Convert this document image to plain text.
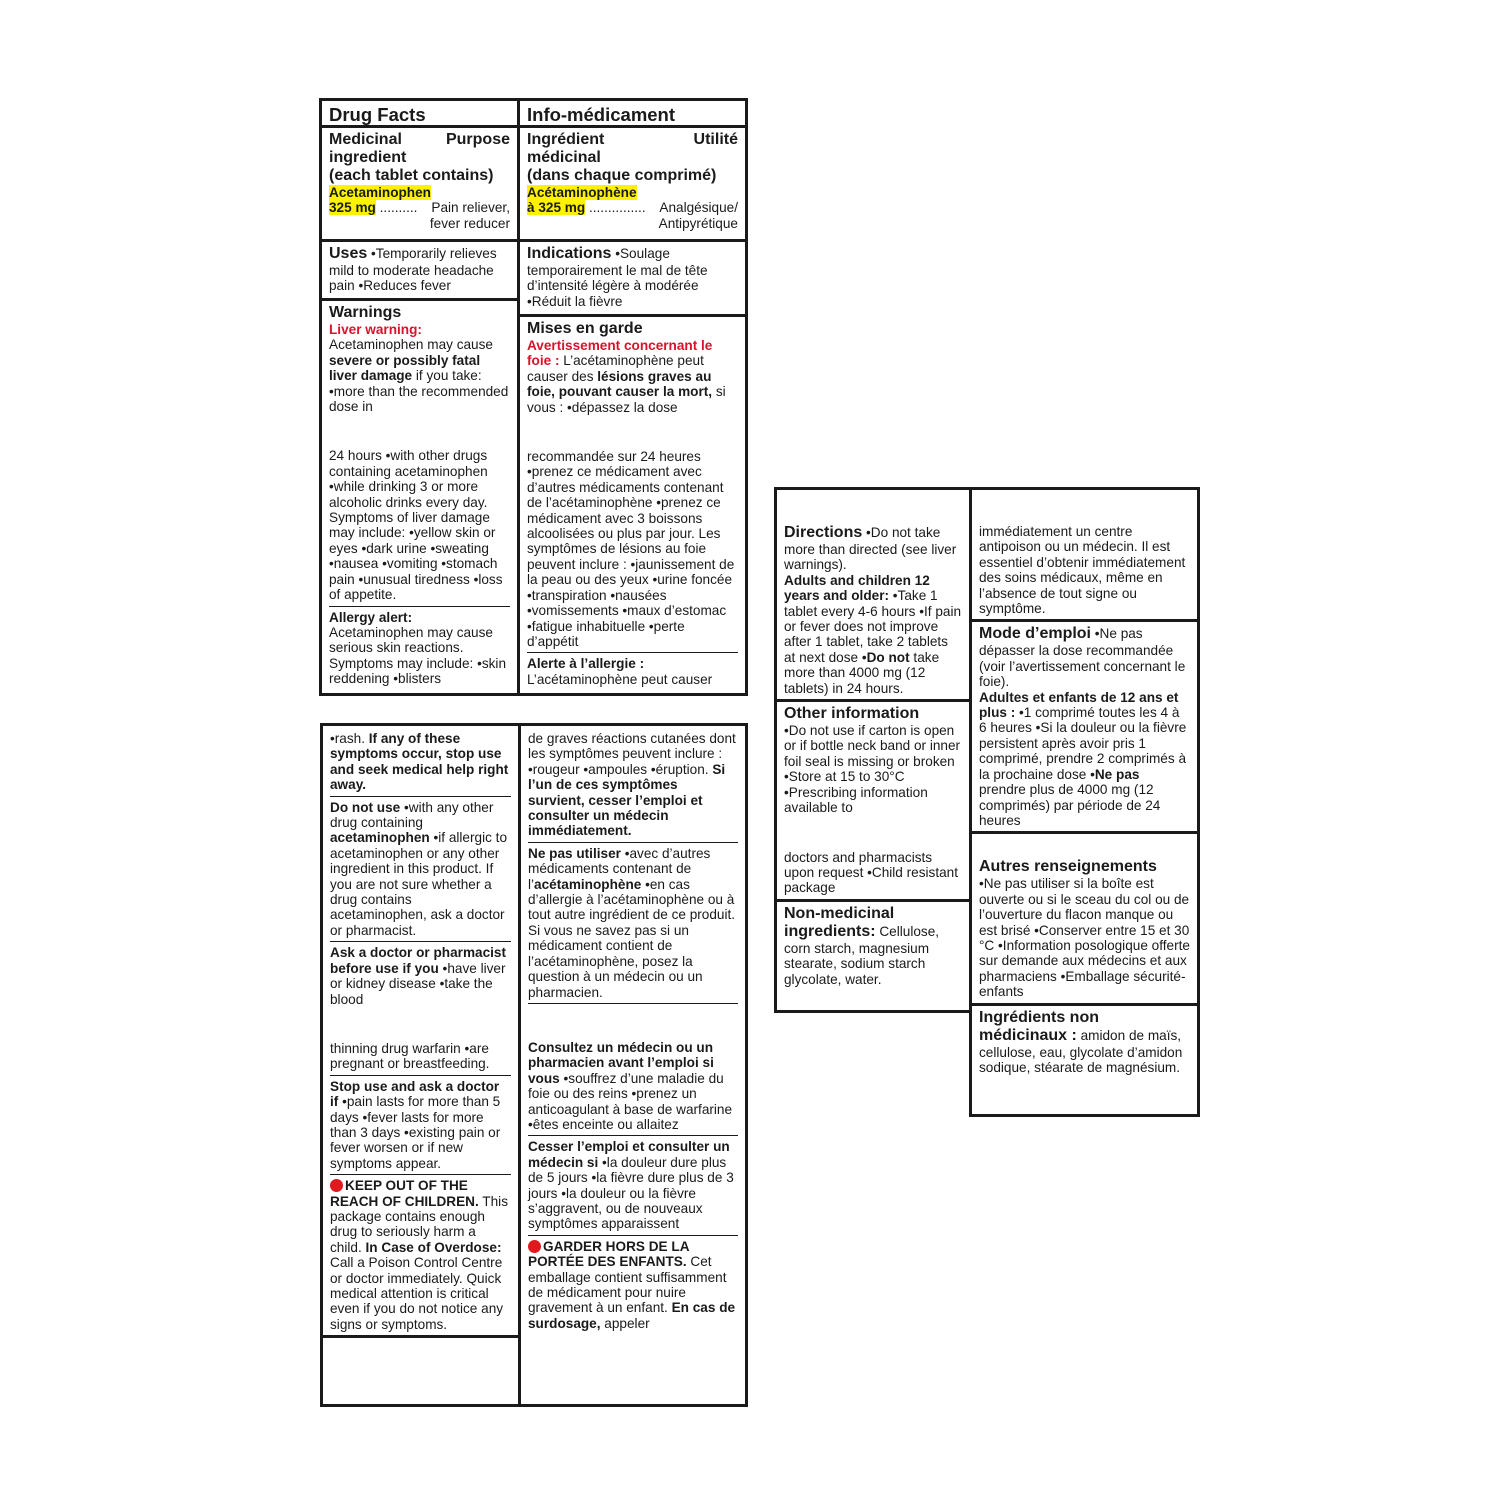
Drug Facts
Medicinal	Purpose
ingredient
(each tablet contains)
Acetaminophen
325 mg .......... Pain reliever,
fever reducer
Uses •Temporarily relieves mild to moderate headache pain •Reduces fever
Warnings
Liver warning:

Acetaminophen may cause severe or possibly fatal liver damage if you take: •more than the recommended dose in

24 hours •with other drugs containing acetaminophen •while drinking 3 or more alcoholic drinks every day. Symptoms of liver damage may include: •yellow skin or eyes •dark urine •sweating •nausea •vomiting •stomach pain •unusual tiredness •loss of appetite.

Allergy alert:

Acetaminophen may cause serious skin reactions. Symptoms may include: •skin reddening •blisters

Info-médicament
Ingrédient	Utilité
médicinal
(dans chaque comprimé)
Acétaminophène
à 325 mg ............... Analgésique/
Antipyrétique
Indications •Soulage temporairement le mal de tête d’intensité légère à modérée •Réduit la fièvre
Mises en garde

Avertissement concernant le foie : L’acétaminophène peut causer des lésions graves au foie, pouvant causer la mort, si vous : •dépassez la dose

recommandée sur 24 heures •prenez ce médicament avec d’autres médicaments contenant de l’acétaminophène •prenez ce médicament avec 3 boissons alcoolisées ou plus par jour. Les symptômes de lésions au foie peuvent inclure : •jaunissement de la peau ou des yeux •urine foncée •transpiration •nausées •vomissements •maux d’estomac •fatigue inhabituelle •perte d’appétit

Alerte à l’allergie :

L’acétaminophène peut causer

•rash. If any of these symptoms occur, stop use and seek medical help right away.
Do not use •with any other drug containing acetaminophen •if allergic to acetaminophen or any other ingredient in this product. If you are not sure whether a drug contains acetaminophen, ask a doctor or pharmacist.
Ask a doctor or pharmacist before use if you •have liver or kidney disease •take the blood
thinning drug warfarin •are pregnant or breastfeeding.
Stop use and ask a doctor if •pain lasts for more than 5 days •fever lasts for more than 3 days •existing pain or fever worsen or if new symptoms appear.
KEEP OUT OF THE REACH OF CHILDREN. This package contains enough drug to seriously harm a child. In Case of Overdose: Call a Poison Control Centre or doctor immediately. Quick medical attention is critical even if you do not notice any signs or symptoms.
de graves réactions cutanées dont les symptômes peuvent inclure : •rougeur •ampoules •éruption. Si l’un de ces symptômes survient, cesser l’emploi et consulter un médecin immédiatement.
Ne pas utiliser •avec d’autres médicaments contenant de l’acétaminophène •en cas d’allergie à l’acétaminophène ou à tout autre ingrédient de ce produit. Si vous ne savez pas si un médicament contient de l’acétaminophène, posez la question à un médecin ou un pharmacien.
Consultez un médecin ou un pharmacien avant l’emploi si vous •souffrez d’une maladie du foie ou des reins •prenez un anticoagulant à base de warfarine •êtes enceinte ou allaitez
Cesser l’emploi et consulter un médecin si •la douleur dure plus de 5 jours •la fièvre dure plus de 3 jours •la douleur ou la fièvre s’aggravent, ou de nouveaux symptômes apparaissent
GARDER HORS DE LA PORTÉE DES ENFANTS. Cet emballage contient suffisamment de médicament pour nuire gravement à un enfant. En cas de surdosage, appeler
Directions •Do not take more than directed (see liver warnings).
Adults and children 12 years and older: •Take 1 tablet every 4-6 hours •If pain or fever does not improve after 1 tablet, take 2 tablets at next dose •Do not take more than 4000 mg (12 tablets) in 24 hours.
Other information

•Do not use if carton is open or if bottle neck band or inner foil seal is missing or broken •Store at 15 to 30°C •Prescribing information available to

doctors and pharmacists upon request •Child resistant package

Non-medicinal ingredients: Cellulose, corn starch, magnesium stearate, sodium starch glycolate, water.

immédiatement un centre antipoison ou un médecin. Il est essentiel d’obtenir immédiatement des soins médicaux, même en l’absence de tout signe ou symptôme.

Mode d’emploi •Ne pas dépasser la dose recommandée (voir l’avertissement concernant le foie).
Adultes et enfants de 12 ans et plus : •1 comprimé toutes les 4 à 6 heures •Si la douleur ou la fièvre persistent après avoir pris 1 comprimé, prendre 2 comprimés à la prochaine dose •Ne pas prendre plus de 4000 mg (12 comprimés) par période de 24 heures
Autres renseignements

•Ne pas utiliser si la boîte est ouverte ou si le sceau du col ou de l’ouverture du flacon manque ou est brisé •Conserver entre 15 et 30 °C •Information posologique offerte sur demande aux médecins et aux pharmaciens •Emballage sécurité-enfants

Ingrédients non médicinaux : amidon de maïs, cellulose, eau, glycolate d’amidon sodique, stéarate de magnésium.
